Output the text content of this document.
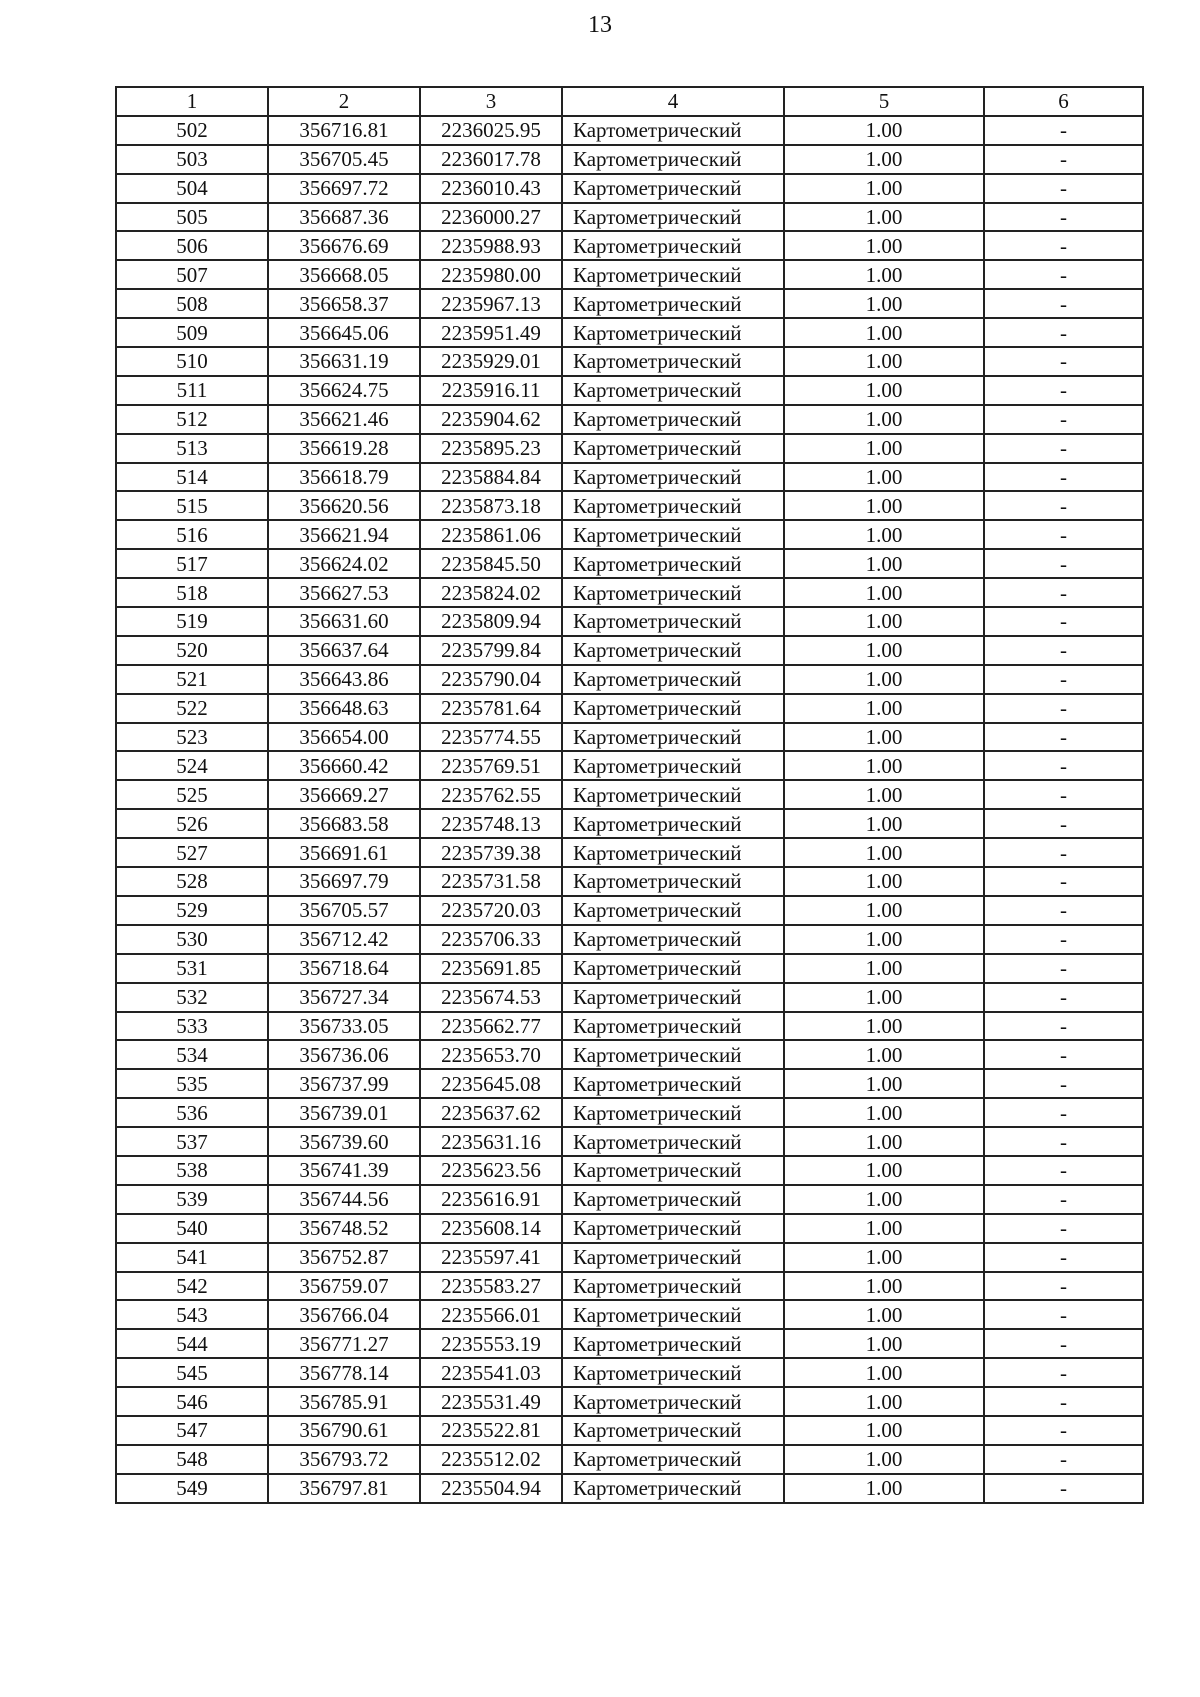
13
1	2	3	4	5	6
502	356716.81	2236025.95	Картометрический	1.00	-
503	356705.45	2236017.78	Картометрический	1.00	-
504	356697.72	2236010.43	Картометрический	1.00	-
505	356687.36	2236000.27	Картометрический	1.00	-
506	356676.69	2235988.93	Картометрический	1.00	-
507	356668.05	2235980.00	Картометрический	1.00	-
508	356658.37	2235967.13	Картометрический	1.00	-
509	356645.06	2235951.49	Картометрический	1.00	-
510	356631.19	2235929.01	Картометрический	1.00	-
511	356624.75	2235916.11	Картометрический	1.00	-
512	356621.46	2235904.62	Картометрический	1.00	-
513	356619.28	2235895.23	Картометрический	1.00	-
514	356618.79	2235884.84	Картометрический	1.00	-
515	356620.56	2235873.18	Картометрический	1.00	-
516	356621.94	2235861.06	Картометрический	1.00	-
517	356624.02	2235845.50	Картометрический	1.00	-
518	356627.53	2235824.02	Картометрический	1.00	-
519	356631.60	2235809.94	Картометрический	1.00	-
520	356637.64	2235799.84	Картометрический	1.00	-
521	356643.86	2235790.04	Картометрический	1.00	-
522	356648.63	2235781.64	Картометрический	1.00	-
523	356654.00	2235774.55	Картометрический	1.00	-
524	356660.42	2235769.51	Картометрический	1.00	-
525	356669.27	2235762.55	Картометрический	1.00	-
526	356683.58	2235748.13	Картометрический	1.00	-
527	356691.61	2235739.38	Картометрический	1.00	-
528	356697.79	2235731.58	Картометрический	1.00	-
529	356705.57	2235720.03	Картометрический	1.00	-
530	356712.42	2235706.33	Картометрический	1.00	-
531	356718.64	2235691.85	Картометрический	1.00	-
532	356727.34	2235674.53	Картометрический	1.00	-
533	356733.05	2235662.77	Картометрический	1.00	-
534	356736.06	2235653.70	Картометрический	1.00	-
535	356737.99	2235645.08	Картометрический	1.00	-
536	356739.01	2235637.62	Картометрический	1.00	-
537	356739.60	2235631.16	Картометрический	1.00	-
538	356741.39	2235623.56	Картометрический	1.00	-
539	356744.56	2235616.91	Картометрический	1.00	-
540	356748.52	2235608.14	Картометрический	1.00	-
541	356752.87	2235597.41	Картометрический	1.00	-
542	356759.07	2235583.27	Картометрический	1.00	-
543	356766.04	2235566.01	Картометрический	1.00	-
544	356771.27	2235553.19	Картометрический	1.00	-
545	356778.14	2235541.03	Картометрический	1.00	-
546	356785.91	2235531.49	Картометрический	1.00	-
547	356790.61	2235522.81	Картометрический	1.00	-
548	356793.72	2235512.02	Картометрический	1.00	-
549	356797.81	2235504.94	Картометрический	1.00	-
